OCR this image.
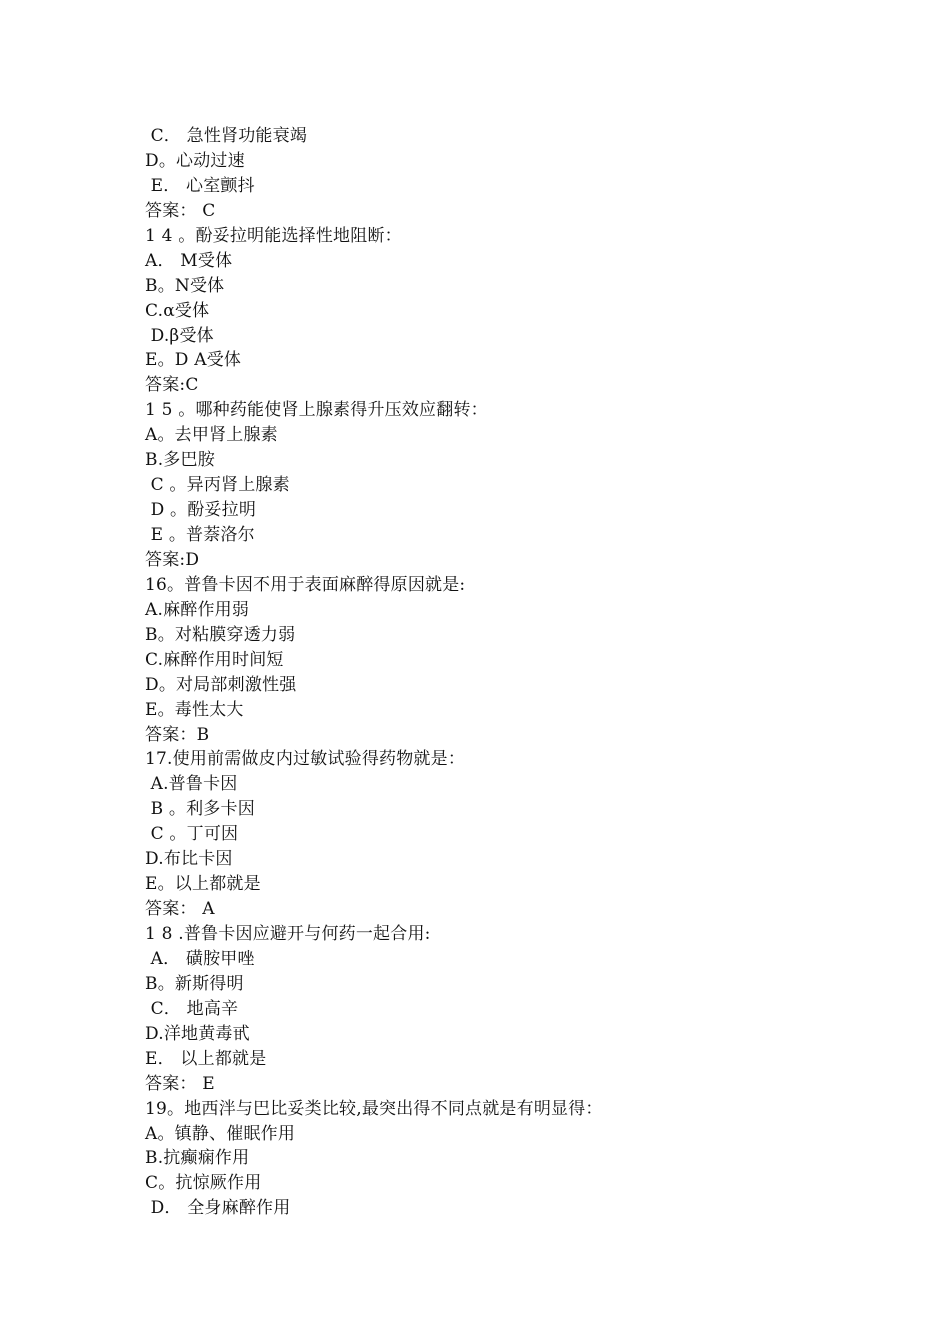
C． 急性肾功能衰竭
D。心动过速
E． 心室颤抖
答案： C
1 4 。酚妥拉明能选择性地阻断：
A． M受体
B。N受体
C.α受体
D.β受体
E。D A受体
答案:C
1 5 。哪种药能使肾上腺素得升压效应翻转：
A。去甲肾上腺素
B.多巴胺
C 。异丙肾上腺素
D 。酚妥拉明
E 。普萘洛尔
答案:D
16。普鲁卡因不用于表面麻醉得原因就是:
A.麻醉作用弱
B。对粘膜穿透力弱
C.麻醉作用时间短
D。对局部刺激性强
E。毒性太大
答案：B
17.使用前需做皮内过敏试验得药物就是：
A.普鲁卡因
B 。利多卡因
C 。丁可因
D.布比卡因
E。以上都就是
答案： A
1 8 .普鲁卡因应避开与何药一起合用:
A． 磺胺甲唑
B。新斯得明
C． 地高辛
D.洋地黄毒甙
E． 以上都就是
答案： E
19。地西泮与巴比妥类比较,最突出得不同点就是有明显得：
A。镇静、催眠作用
B.抗癫痫作用
C。抗惊厥作用
D． 全身麻醉作用
